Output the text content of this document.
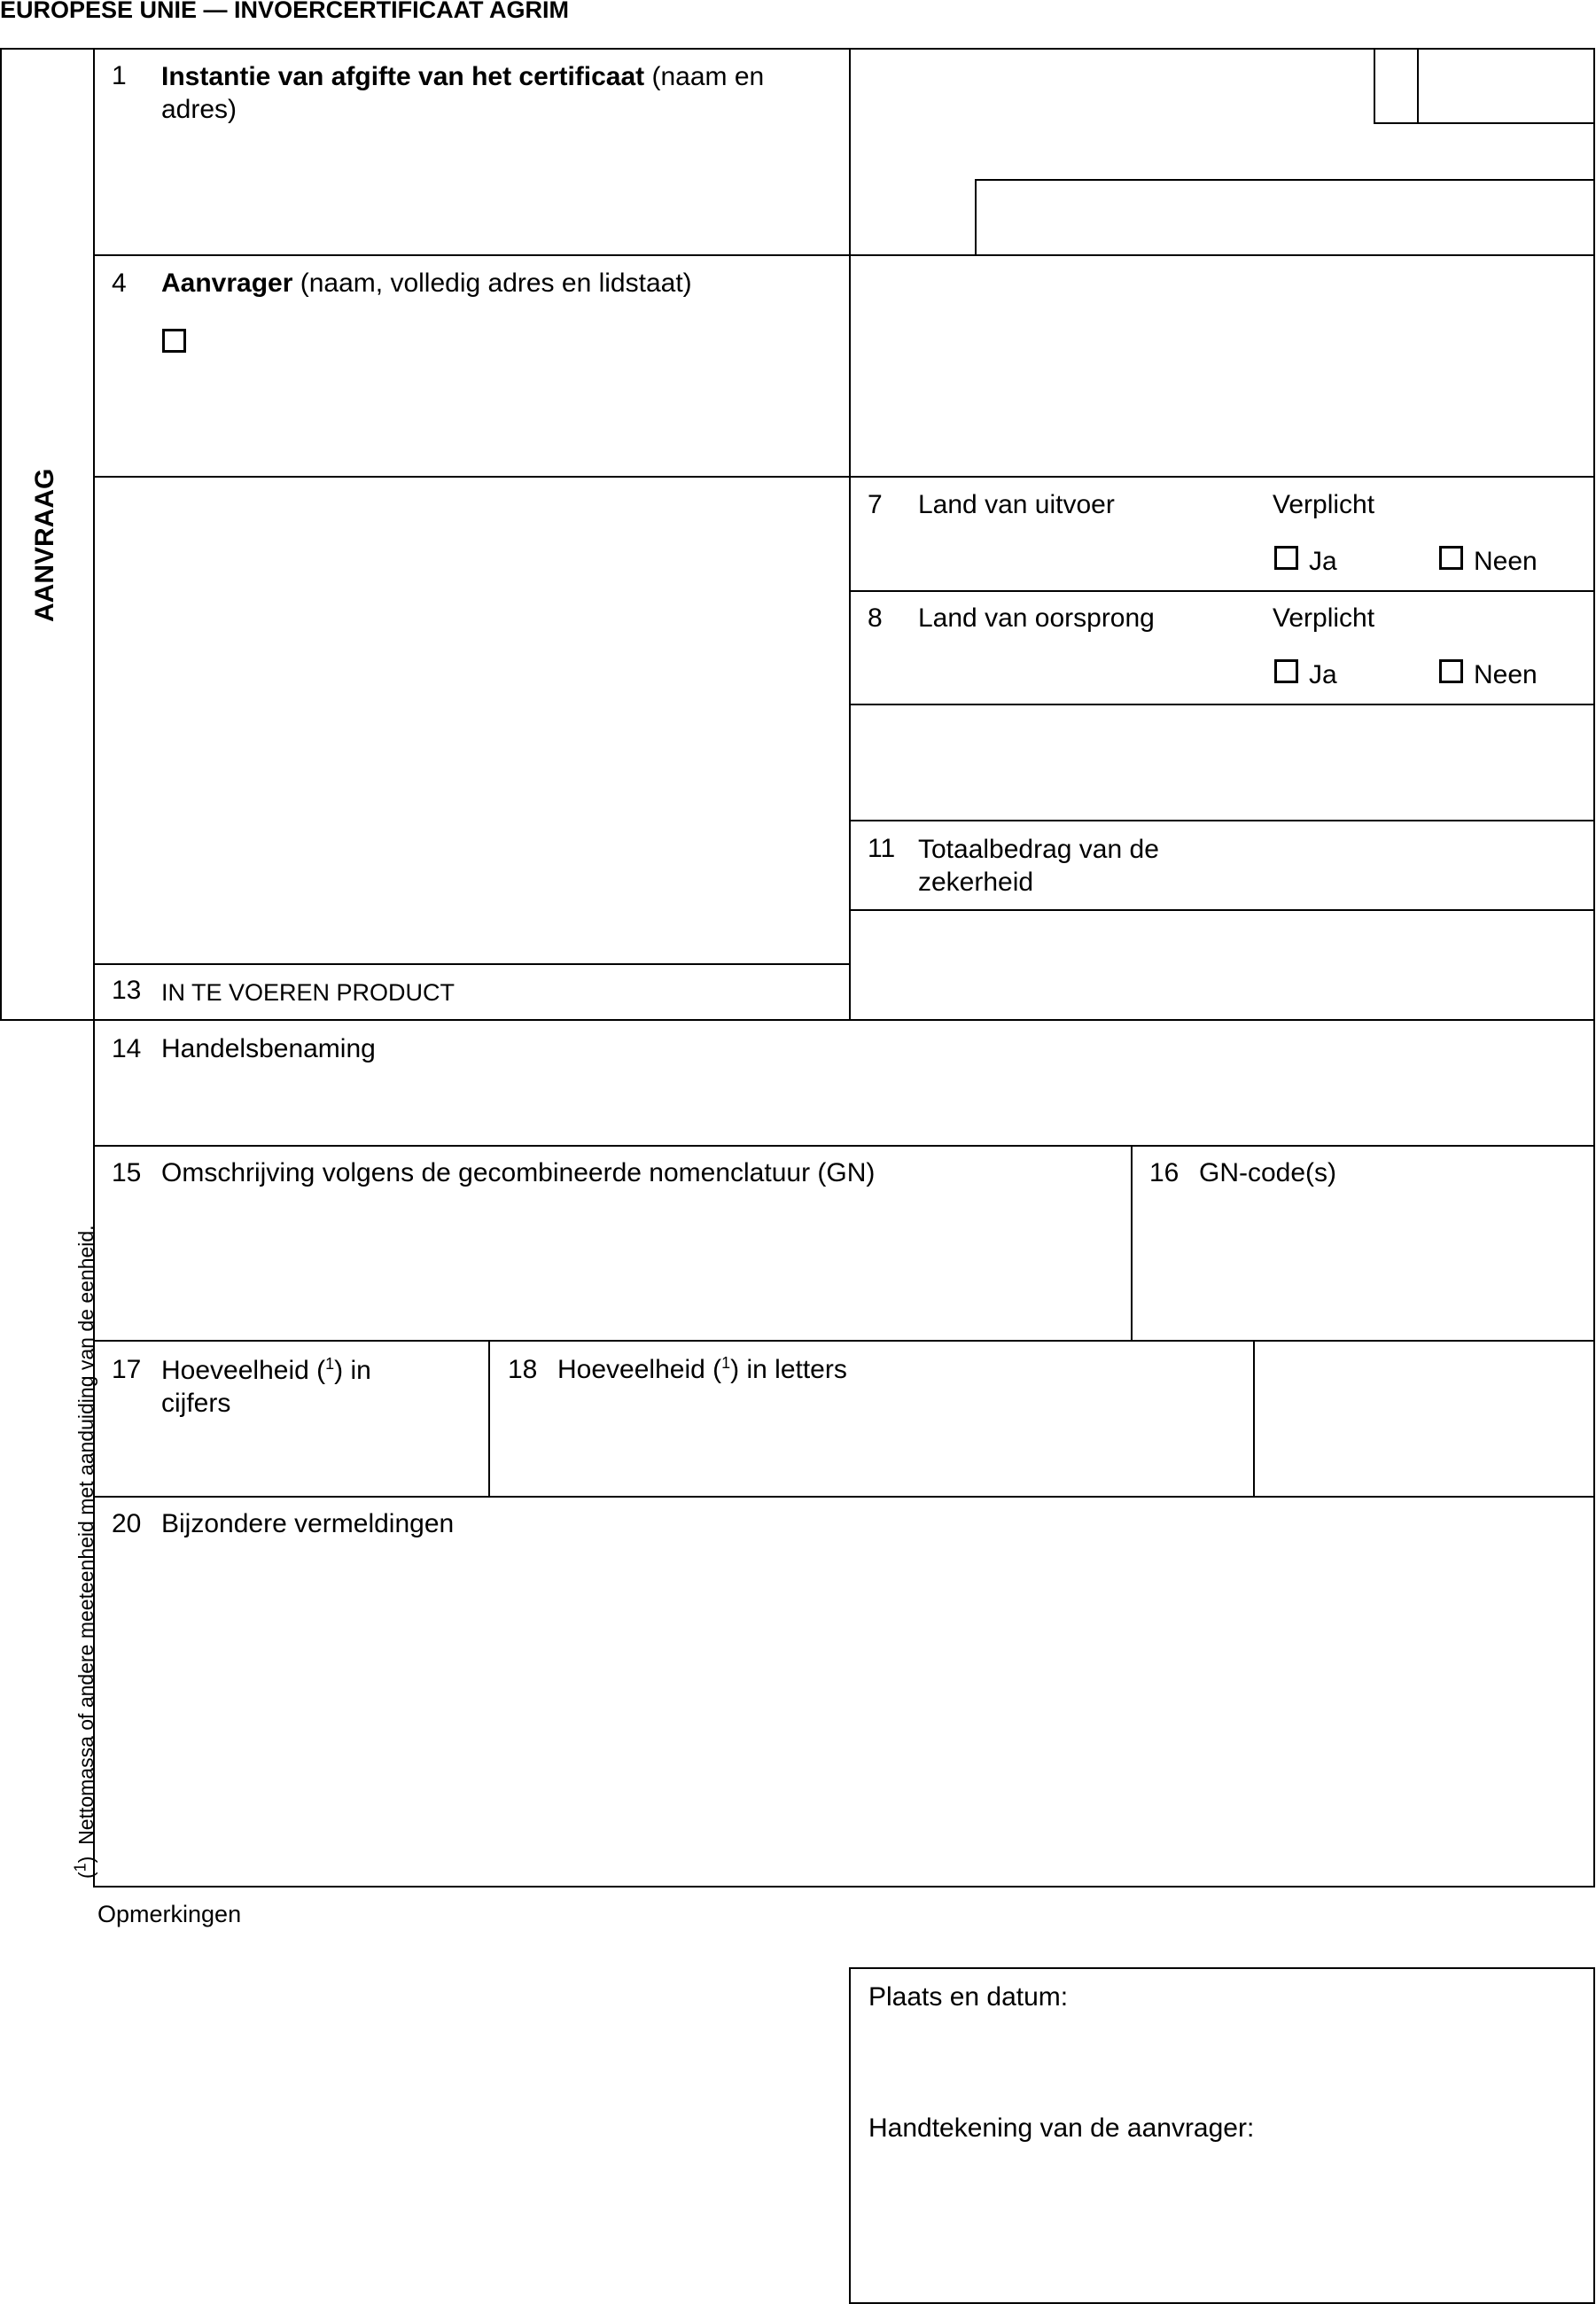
EUROPESE UNIE — INVOERCERTIFICAAT AGRIM
AANVRAAG
($^1$)  Nettomassa of andere meeteenheid met aanduiding van de eenheid.
1 Instantie van afgifte van het certificaat (naam en adres)
4 Aanvrager (naam, volledig adres en lidstaat)
7 Land van uitvoer	Verplicht
Ja	Neen
8 Land van oorsprong	Verplicht
Ja	Neen
11 Totaalbedrag van de zekerheid
13 IN TE VOEREN PRODUCT
14 Handelsbenaming
15 Omschrijving volgens de gecombineerde nomenclatuur (GN)	16 GN-code(s)
17 Hoeveelheid ($^1$) in cijfers
18 Hoeveelheid ($^1$) in letters
20 Bijzondere vermeldingen
Opmerkingen
Plaats en datum:
Handtekening van de aanvrager:
